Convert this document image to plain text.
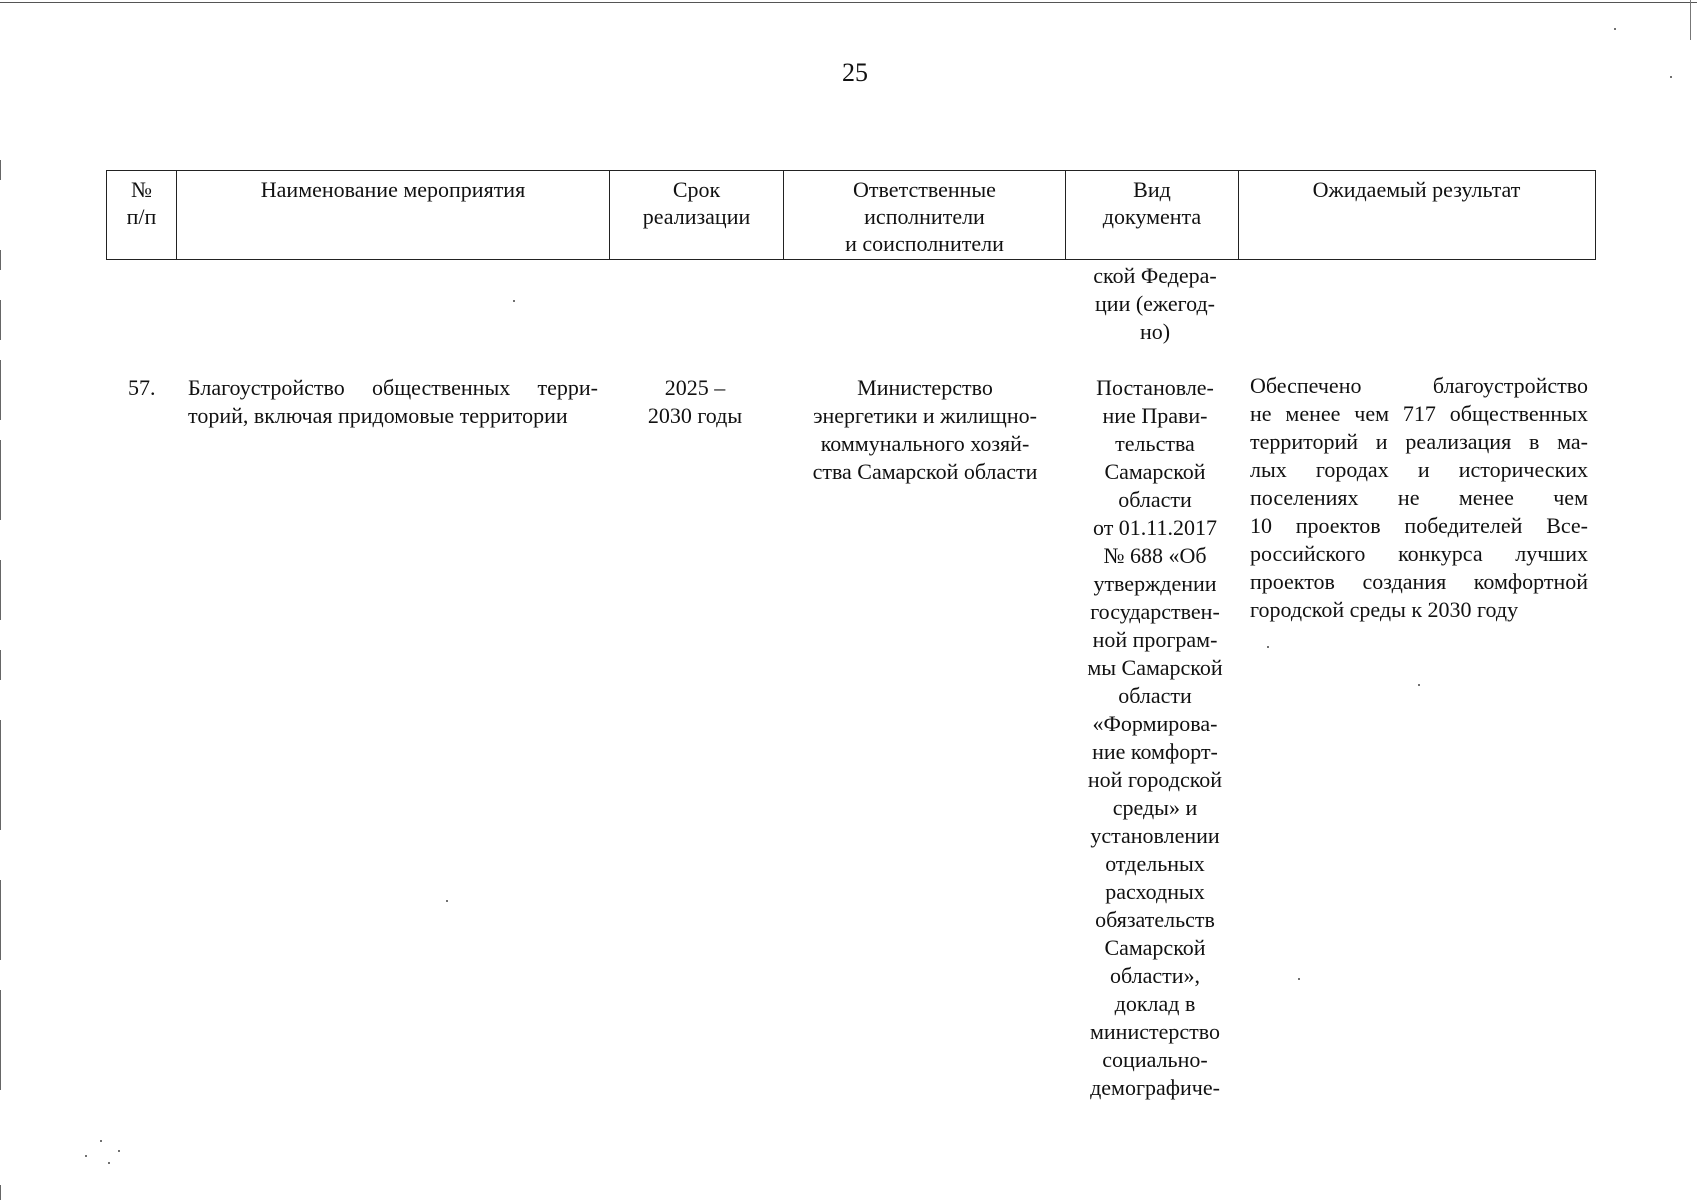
25
№
п/п
Наименование мероприятия	Срок
реализации
Ответственные
исполнители
и соисполнители
Вид
документа
Ожидаемый результат
ской Федера-
ции (ежегод-
но)
57.	Благоустройство общественных терри-
торий, включая придомовые территории
2025 –
2030 годы
Министерство
энергетики и жилищно-
коммунального хозяй-
ства Самарской области
Постановле-
ние Прави-
тельства
Самарской
области
от 01.11.2017
№ 688 «Об
утверждении
государствен-
ной програм-
мы Самарской
области
«Формирова-
ние комфорт-
ной городской
среды» и
установлении
отдельных
расходных
обязательств
Самарской
области»,
доклад в
министерство
социально-
демографиче-
Обеспечено благоустройство
не менее чем 717 общественных
территорий и реализация в ма-
лых городах и исторических
поселениях не менее чем
10 проектов победителей Все-
российского конкурса лучших
проектов создания комфортной
городской среды к 2030 году
